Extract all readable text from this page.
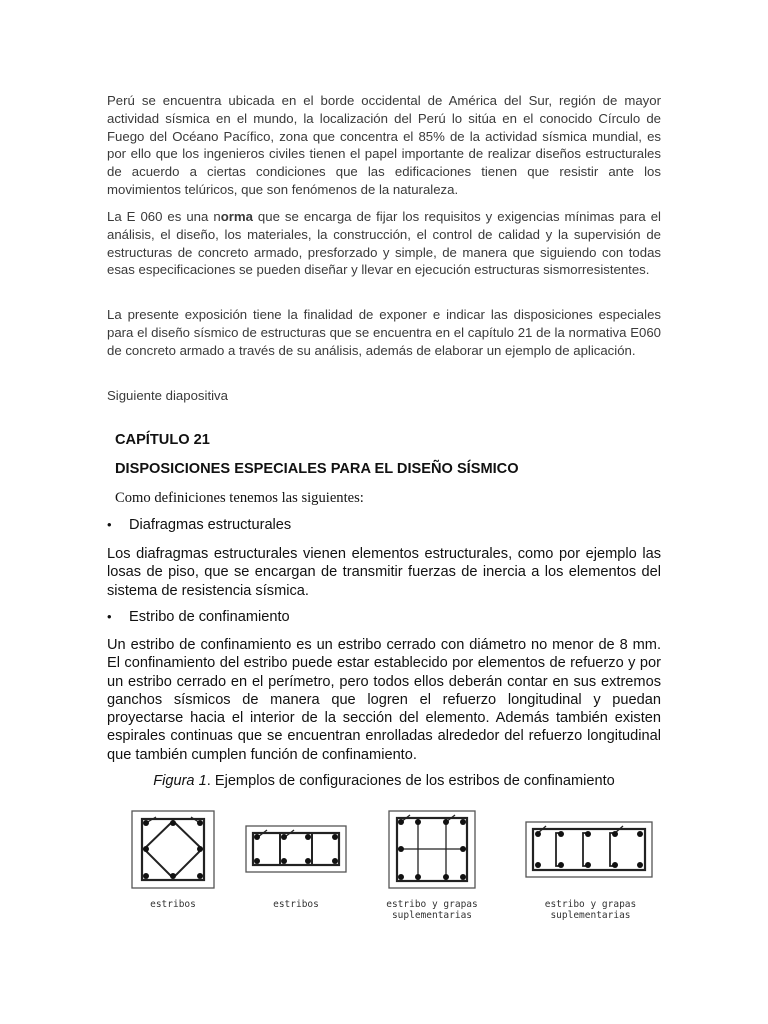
Perú se encuentra ubicada en el borde occidental de América del Sur, región de mayor actividad sísmica en el mundo, la localización del Perú lo sitúa en el conocido Círculo de Fuego del Océano Pacífico, zona que concentra el 85% de la actividad sísmica mundial, es por ello que los ingenieros civiles tienen el papel importante de realizar diseños estructurales de acuerdo a ciertas condiciones que las edificaciones tienen que resistir ante los movimientos telúricos, que son fenómenos de la naturaleza.

La E 060 es una norma que se encarga de fijar los requisitos y exigencias mínimas para el análisis, el diseño, los materiales, la construcción, el control de calidad y la supervisión de estructuras de concreto armado, presforzado y simple, de manera que siguiendo con todas esas especificaciones se pueden diseñar y llevar en ejecución estructuras sismorresistentes.

La presente exposición tiene la finalidad de exponer e indicar las disposiciones especiales para el diseño sísmico de estructuras que se encuentra en el capítulo 21 de la normativa E060 de concreto armado a través de su análisis, además de elaborar un ejemplo de aplicación.

Siguiente diapositiva

CAPÍTULO 21

DISPOSICIONES ESPECIALES PARA EL DISEÑO SÍSMICO

Como definiciones tenemos las siguientes:

• Diafragmas estructurales

Los diafragmas estructurales vienen elementos estructurales, como por ejemplo las losas de piso, que se encargan de transmitir fuerzas de inercia a los elementos del sistema de resistencia sísmica.

• Estribo de confinamiento

Un estribo de confinamiento es un estribo cerrado con diámetro no menor de 8 mm. El confinamiento del estribo puede estar establecido por elementos de refuerzo y por un estribo cerrado en el perímetro, pero todos ellos deberán contar en sus extremos ganchos sísmicos de manera que logren el refuerzo longitudinal y puedan proyectarse hacia el interior de la sección del elemento. Además también existen espirales continuas que se encuentran enrolladas alrededor del refuerzo longitudinal que también cumplen función de confinamiento.

Figura 1. Ejemplos de configuraciones de los estribos de confinamiento

estribos	estribos	estribo y grapas
suplementarias
estribo y grapas
suplementarias
